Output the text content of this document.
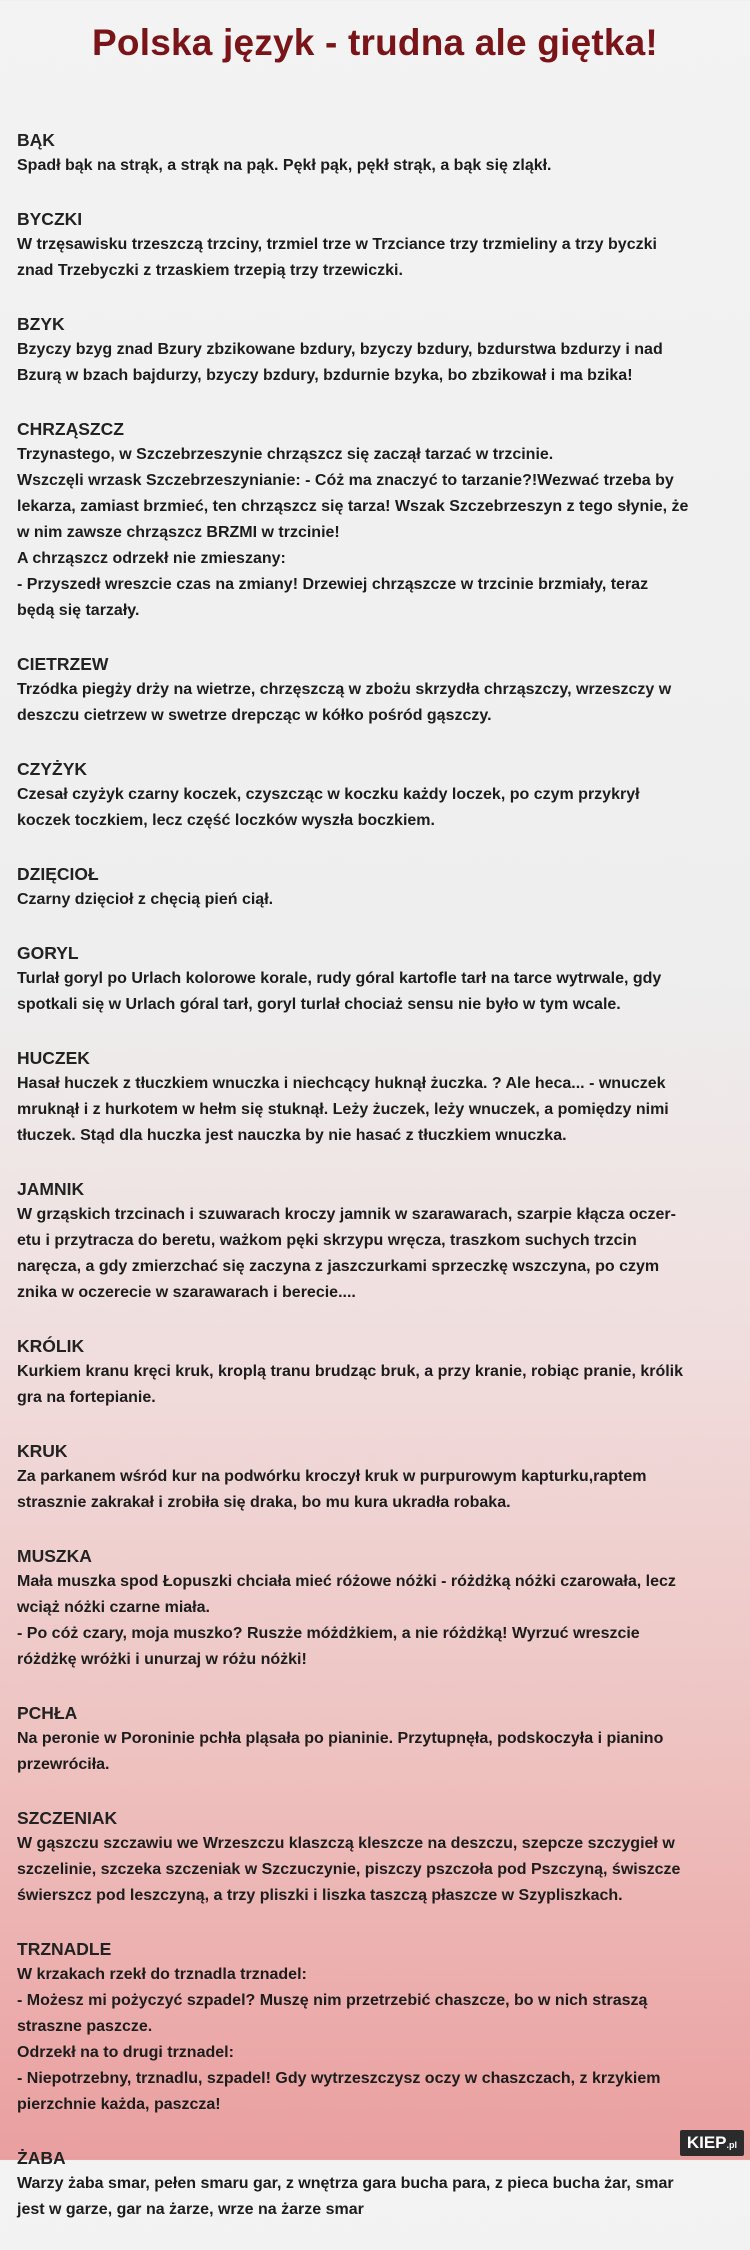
Polska język - trudna ale giętka!
BĄK
Spadł bąk na strąk, a strąk na pąk. Pękł pąk, pękł strąk, a bąk się zląkł.
BYCZKI
W trzęsawisku trzeszczą trzciny, trzmiel trze w Trzciance trzy trzmieliny a trzy byczki
znad Trzebyczki z trzaskiem trzepią trzy trzewiczki.
BZYK
Bzyczy bzyg znad Bzury zbzikowane bzdury, bzyczy bzdury, bzdurstwa bzdurzy i nad
Bzurą w bzach bajdurzy, bzyczy bzdury, bzdurnie bzyka, bo zbzikował i ma bzika!
CHRZĄSZCZ
Trzynastego, w Szczebrzeszynie chrząszcz się zaczął tarzać w trzcinie.
Wszczęli wrzask Szczebrzeszynianie: - Cóż ma znaczyć to tarzanie?!Wezwać trzeba by
lekarza, zamiast brzmieć, ten chrząszcz się tarza! Wszak Szczebrzeszyn z tego słynie, że
w nim zawsze chrząszcz BRZMI w trzcinie!
A chrząszcz odrzekł nie zmieszany:
- Przyszedł wreszcie czas na zmiany! Drzewiej chrząszcze w trzcinie brzmiały, teraz
będą się tarzały.
CIETRZEW
Trzódka piegży drży na wietrze, chrzęszczą w zbożu skrzydła chrząszczy, wrzeszczy w
deszczu cietrzew w swetrze drepcząc w kółko pośród gąszczy.
CZYŻYK
Czesał czyżyk czarny koczek, czyszcząc w koczku każdy loczek, po czym przykrył
koczek toczkiem, lecz część loczków wyszła boczkiem.
DZIĘCIOŁ
Czarny dzięcioł z chęcią pień ciął.
GORYL
Turlał goryl po Urlach kolorowe korale, rudy góral kartofle tarł na tarce wytrwale, gdy
spotkali się w Urlach góral tarł, goryl turlał chociaż sensu nie było w tym wcale.
HUCZEK
Hasał huczek z tłuczkiem wnuczka i niechcący huknął żuczka. ? Ale heca... - wnuczek
mruknął i z hurkotem w hełm się stuknął. Leży żuczek, leży wnuczek, a pomiędzy nimi
tłuczek. Stąd dla huczka jest nauczka by nie hasać z tłuczkiem wnuczka.
JAMNIK
W grząskich trzcinach i szuwarach kroczy jamnik w szarawarach, szarpie kłącza oczer-
etu i przytracza do beretu, ważkom pęki skrzypu wręcza, traszkom suchych trzcin
naręcza, a gdy zmierzchać się zaczyna z jaszczurkami sprzeczkę wszczyna, po czym
znika w oczerecie w szarawarach i berecie....
KRÓLIK
Kurkiem kranu kręci kruk, kroplą tranu brudząc bruk, a przy kranie, robiąc pranie, królik
gra na fortepianie.
KRUK
Za parkanem wśród kur na podwórku kroczył kruk w purpurowym kapturku,raptem
strasznie zakrakał i zrobiła się draka, bo mu kura ukradła robaka.
MUSZKA
Mała muszka spod Łopuszki chciała mieć różowe nóżki - różdżką nóżki czarowała, lecz
wciąż nóżki czarne miała.
- Po cóż czary, moja muszko? Ruszże móżdżkiem, a nie różdżką! Wyrzuć wreszcie
różdżkę wróżki i unurzaj w różu nóżki!
PCHŁA
Na peronie w Poroninie pchła pląsała po pianinie. Przytupnęła, podskoczyła i pianino
przewróciła.
SZCZENIAK
W gąszczu szczawiu we Wrzeszczu klaszczą kleszcze na deszczu, szepcze szczygieł w
szczelinie, szczeka szczeniak w Szczuczynie, piszczy pszczoła pod Pszczyną, świszcze
świerszcz pod leszczyną, a trzy pliszki i liszka taszczą płaszcze w Szypliszkach.
TRZNADLE
W krzakach rzekł do trznadla trznadel:
- Możesz mi pożyczyć szpadel? Muszę nim przetrzebić chaszcze, bo w nich straszą
straszne paszcze.
Odrzekł na to drugi trznadel:
- Niepotrzebny, trznadlu, szpadel! Gdy wytrzeszczysz oczy w chaszczach, z krzykiem
pierzchnie każda, paszcza!
ŻABA
Warzy żaba smar, pełen smaru gar, z wnętrza gara bucha para, z pieca bucha żar, smar
jest w garze, gar na żarze, wrze na żarze smar
KIEP.pl
